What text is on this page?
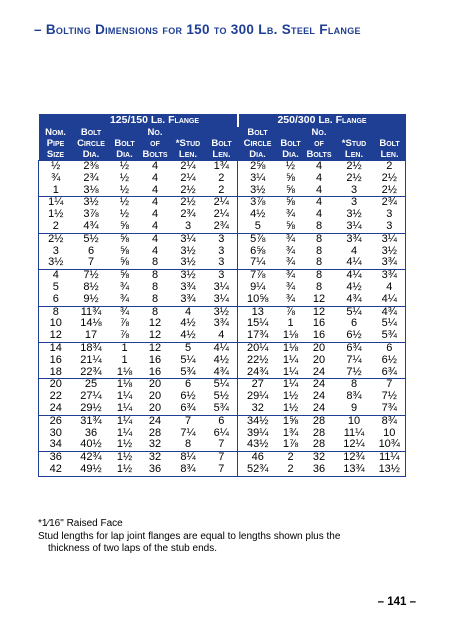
– Bolting Dimensions for 150 to 300 Lb. Steel Flange
	125/150 Lb. Flange					250/300 Lb. Flange				
Nom.	Bolt		No.			Bolt		No.		
Pipe	Circle	Bolt	of	*Stud	Bolt	Circle	Bolt	of	*Stud	Bolt
Size	Dia.	Dia.	Bolts	Len.	Len.	Dia.	Dia.	Bolts	Len.	Len.
½	2⅜	½	4	2¼	1¾	2⅝	½	4	2½	2
¾	2¾	½	4	2¼	2	3¼	⅝	4	2½	2½
1	3⅛	½	4	2½	2	3½	⅝	4	3	2½
1¼	3½	½	4	2½	2¼	3⅞	⅝	4	3	2¾
1½	3⅞	½	4	2¾	2¼	4½	¾	4	3½	3
2	4¾	⅝	4	3	2¾	5	⅝	8	3¼	3
2½	5½	⅝	4	3¼	3	5⅞	¾	8	3¾	3¼
3	6	⅝	4	3½	3	6⅝	¾	8	4	3½
3½	7	⅝	8	3½	3	7¼	¾	8	4¼	3¾
4	7½	⅝	8	3½	3	7⅞	¾	8	4¼	3¾
5	8½	¾	8	3¾	3¼	9¼	¾	8	4½	4
6	9½	¾	8	3¾	3¼	10⅝	¾	12	4¾	4¼
8	11¾	¾	8	4	3½	13	⅞	12	5¼	4¾
10	14⅛	⅞	12	4½	3¾	15¼	1	16	6	5¼
12	17	⅞	12	4½	4	17¾	1⅛	16	6½	5¾
14	18¾	1	12	5	4¼	20¼	1⅛	20	6¾	6
16	21¼	1	16	5¼	4½	22½	1¼	20	7¼	6½
18	22¾	1⅛	16	5¾	4¾	24¾	1¼	24	7½	6¾
20	25	1⅛	20	6	5¼	27	1¼	24	8	7
22	27¼	1¼	20	6½	5½	29¼	1½	24	8¾	7½
24	29½	1¼	20	6¾	5¾	32	1½	24	9	7¾
26	31¾	1¼	24	7	6	34½	1⅝	28	10	8¾
30	36	1¼	28	7¼	6¼	39¼	1¾	28	11¼	10
34	40½	1½	32	8	7	43½	1⅞	28	12¼	10¾
36	42¾	1½	32	8¼	7	46	2	32	12¾	11¼
42	49½	1½	36	8¾	7	52¾	2	36	13¾	13½
*1⁄16" Raised Face
Stud lengths for lap joint flanges are equal to lengths shown plus the
thickness of two laps of the stub ends.
– 141 –
